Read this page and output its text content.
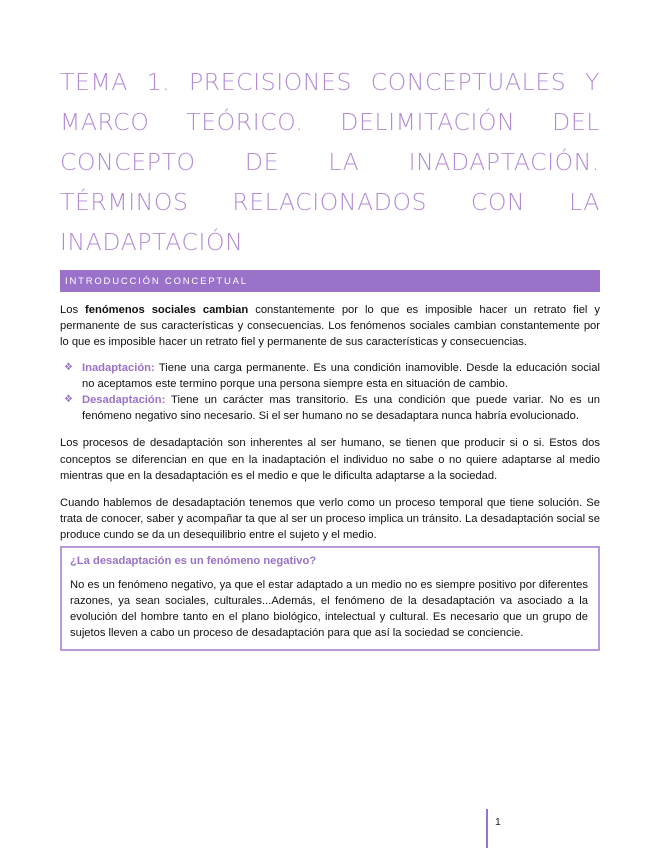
TEMA 1. PRECISIONES CONCEPTUALES Y MARCO TEÓRICO. DELIMITACIÓN DEL CONCEPTO DE LA INADAPTACIÓN. TÉRMINOS RELACIONADOS CON LA INADAPTACIÓN
INTRODUCCIÓN CONCEPTUAL

Los fenómenos sociales cambian constantemente por lo que es imposible hacer un retrato fiel y permanente de sus características y consecuencias. Los fenómenos sociales cambian constantemente por lo que es imposible hacer un retrato fiel y permanente de sus características y consecuencias.

❖ Inadaptación: Tiene una carga permanente. Es una condición inamovible. Desde la educación social no aceptamos este termino porque una persona siempre esta en situación de cambio.

❖ Desadaptación: Tiene un carácter mas transitorio. Es una condición que puede variar. No es un fenómeno negativo sino necesario. Si el ser humano no se desadaptara nunca habría evolucionado.

Los procesos de desadaptación son inherentes al ser humano, se tienen que producir si o si. Estos dos conceptos se diferencian en que en la inadaptación el individuo no sabe o no quiere adaptarse al medio mientras que en la desadaptación es el medio e que le dificulta adaptarse a la sociedad.

Cuando hablemos de desadaptación tenemos que verlo como un proceso temporal que tiene solución. Se trata de conocer, saber y acompañar ta que al ser un proceso implica un tránsito. La desadaptación social se produce cundo se da un desequilibrio entre el sujeto y el medio.

¿La desadaptación es un fenómeno negativo?

No es un fenómeno negativo, ya que el estar adaptado a un medio no es siempre positivo por diferentes razones, ya sean sociales, culturales...Además, el fenómeno de la desadaptación va asociado a la evolución del hombre tanto en el plano biológico, intelectual y cultural. Es necesario que un grupo de sujetos lleven a cabo un proceso de desadaptación para que así la sociedad se conciencie.

1
